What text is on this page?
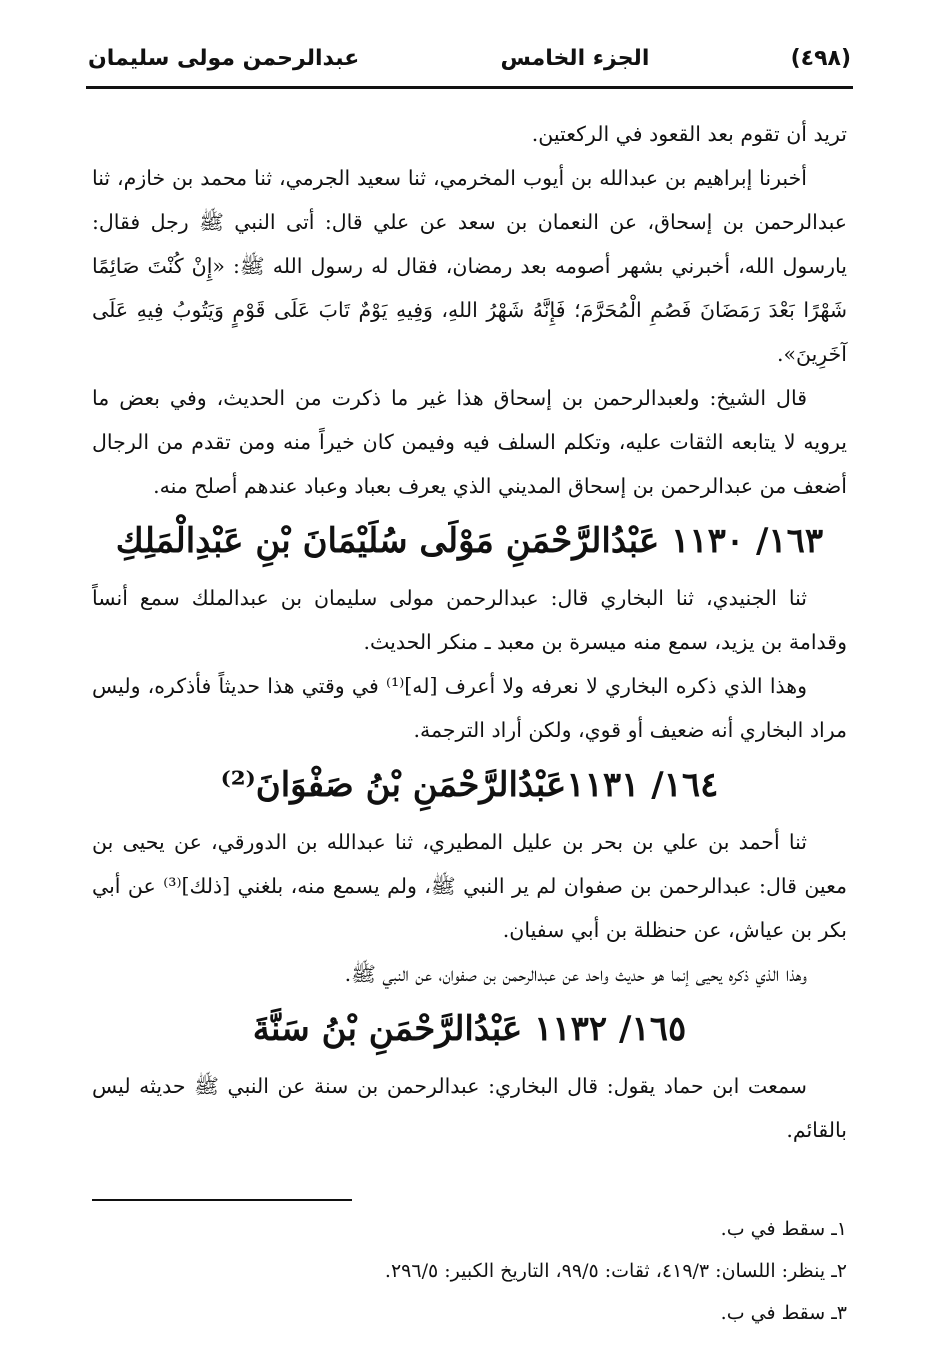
(٤٩٨)
الجزء الخامس
عبدالرحمن مولى سليمان

تريد أن تقوم بعد القعود في الركعتين.

أخبرنا إبراهيم بن عبدالله بن أيوب المخرمي، ثنا سعيد الجرمي، ثنا محمد بن خازم، ثنا عبدالرحمن بن إسحاق، عن النعمان بن سعد عن علي قال: أتى النبي ﷺ رجل فقال: يارسول الله، أخبرني بشهر أصومه بعد رمضان، فقال له رسول الله ﷺ: «إِنْ كُنْتَ صَائِمًا شَهْرًا بَعْدَ رَمَضَانَ فَصُمِ الْمُحَرَّمَ؛ فَإِنَّهُ شَهْرُ اللهِ، وَفِيهِ يَوْمٌ تَابَ عَلَى قَوْمٍ وَيَتُوبُ فِيهِ عَلَى آخَرِينَ».

قال الشيخ: ولعبدالرحمن بن إسحاق هذا غير ما ذكرت من الحديث، وفي بعض ما يرويه لا يتابعه الثقات عليه، وتكلم السلف فيه وفيمن كان خيراً منه ومن تقدم من الرجال أضعف من عبدالرحمن بن إسحاق المديني الذي يعرف بعباد وعباد عندهم أصلح منه.

١٦٣/ ١١٣٠ عَبْدُالرَّحْمَنِ مَوْلَى سُلَيْمَانَ بْنِ عَبْدِالْمَلِكِ

ثنا الجنيدي، ثنا البخاري قال: عبدالرحمن مولى سليمان بن عبدالملك سمع أنساً وقدامة بن يزيد، سمع منه ميسرة بن معبد ـ منكر الحديث.

وهذا الذي ذكره البخاري لا نعرفه ولا أعرف [له]⁽¹⁾ في وقتي هذا حديثاً فأذكره، وليس مراد البخاري أنه ضعيف أو قوي، ولكن أراد الترجمة.

١٦٤/ ١١٣١عَبْدُالرَّحْمَنِ بْنُ صَفْوَانَ⁽²⁾

ثنا أحمد بن علي بن بحر بن عليل المطيري، ثنا عبدالله بن الدورقي، عن يحيى بن معين قال: عبدالرحمن بن صفوان لم ير النبي ﷺ، ولم يسمع منه، بلغني [ذلك]⁽³⁾ عن أبي بكر بن عياش، عن حنظلة بن أبي سفيان.

وهذا الذي ذكره يحيى إنما هو حديث واحد عن عبدالرحمن بن صفوان، عن النبي ﷺ.

١٦٥/ ١١٣٢ عَبْدُالرَّحْمَنِ بْنُ سَنَّةَ

سمعت ابن حماد يقول: قال البخاري: عبدالرحمن بن سنة عن النبي ﷺ حديثه ليس بالقائم.

١ـ سقط في ب.

٢ـ ينظر: اللسان: ٤١٩/٣، ثقات: ٩٩/٥، التاريخ الكبير: ٢٩٦/٥.

٣ـ سقط في ب.
